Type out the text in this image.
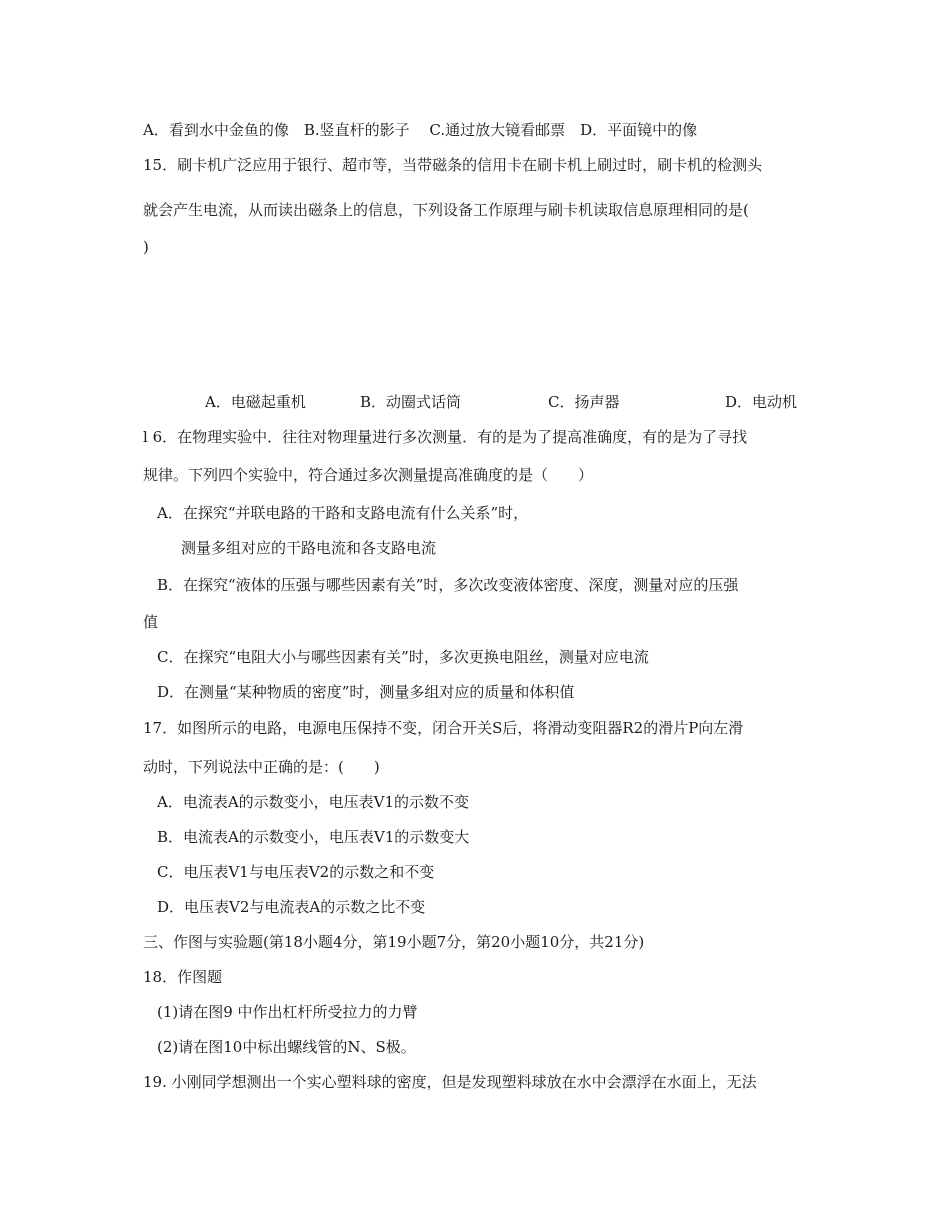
A．看到水中金鱼的像　B.竖直杆的影子　 C.通过放大镜看邮票　D．平面镜中的像
15．刷卡机广泛应用于银行、超市等，当带磁条的信用卡在刷卡机上刷过时，刷卡机的检测头
就会产生电流，从而读出磁条上的信息，下列设备工作原理与刷卡机读取信息原理相同的是(
)
A．电磁起重机	B．动圈式话筒	C．扬声器	D．电动机
l 6．在物理实验中．往往对物理量进行多次测量．有的是为了提高准确度，有的是为了寻找
规律。下列四个实验中，符合通过多次测量提高准确度的是（　　）
A．在探究“并联电路的干路和支路电流有什么关系”时，
测量多组对应的干路电流和各支路电流
B．在探究“液体的压强与哪些因素有关”时，多次改变液体密度、深度，测量对应的压强
值
C．在探究“电阻大小与哪些因素有关”时，多次更换电阻丝，测量对应电流
D．在测量“某种物质的密度”时，测量多组对应的质量和体积值
17．如图所示的电路，电源电压保持不变，闭合开关S后，将滑动变阻器R2的滑片P向左滑
动时，下列说法中正确的是：(　　)
A．电流表A的示数变小，电压表V1的示数不变
B．电流表A的示数变小，电压表V1的示数变大
C．电压表V1与电压表V2的示数之和不变
D．电压表V2与电流表A的示数之比不变
三、作图与实验题(第18小题4分，第19小题7分，第20小题10分，共21分)
18．作图题
(1)请在图9 中作出杠杆所受拉力的力臂
(2)请在图10中标出螺线管的N、S极。
19. 小刚同学想测出一个实心塑料球的密度，但是发现塑料球放在水中会漂浮在水面上，无法
